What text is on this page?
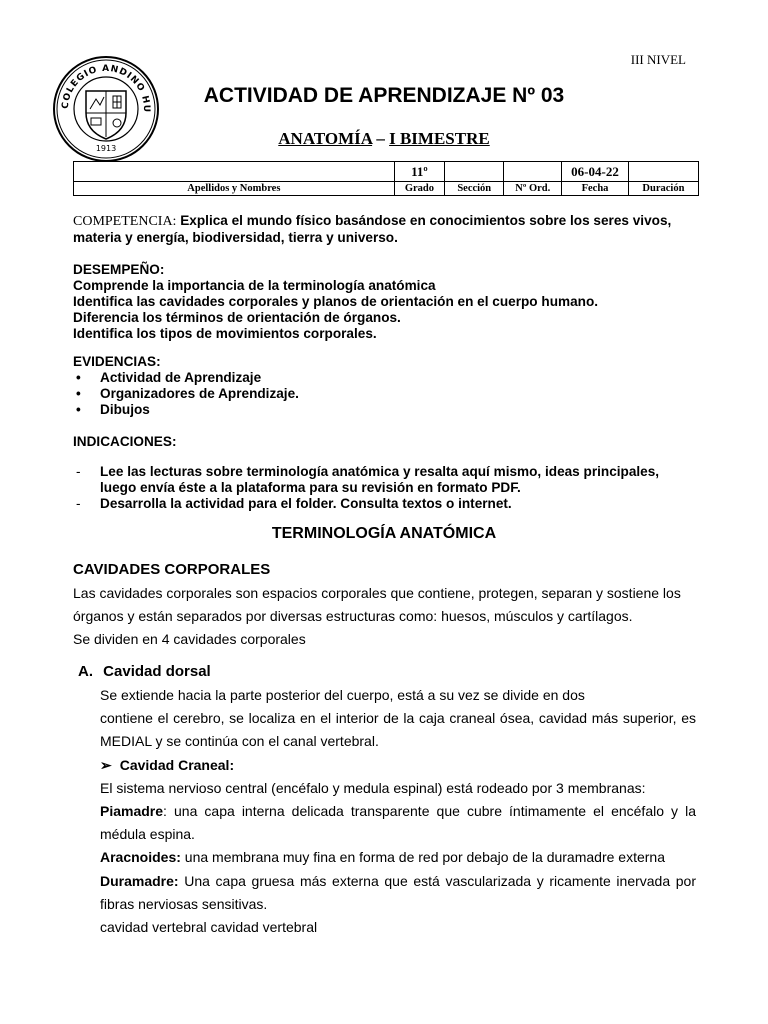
III NIVEL
COLEGIO ANDINO HU
1913
ACTIVIDAD DE APRENDIZAJE Nº 03
ANATOMÍA – I BIMESTRE
	11º			06-04-22	
Apellidos y Nombres	Grado	Sección	Nº Ord.	Fecha	Duración
COMPETENCIA: Explica el mundo físico basándose en conocimientos sobre los seres vivos, materia y energía, biodiversidad, tierra y universo.
DESEMPEÑO:
Comprende la importancia de la terminología anatómica
Identifica las cavidades corporales y planos de orientación en el cuerpo humano.
Diferencia los términos de orientación de órganos.
Identifica los tipos de movimientos corporales.
EVIDENCIAS:
• Actividad de Aprendizaje
• Organizadores de Aprendizaje.
• Dibujos
INDICACIONES:
- Lee las lecturas sobre terminología anatómica y resalta aquí mismo, ideas principales, luego envía éste a la plataforma para su revisión en formato PDF.
- Desarrolla la actividad para el folder. Consulta textos o internet.
TERMINOLOGÍA ANATÓMICA
CAVIDADES CORPORALES
Las cavidades corporales son espacios corporales que contiene, protegen, separan y sostiene los órganos y están separados por diversas estructuras como: huesos, músculos y cartílagos.
Se dividen en 4 cavidades corporales
A. Cavidad dorsal
Se extiende hacia la parte posterior del cuerpo, está a su vez se divide en dos
contiene el cerebro, se localiza en el interior de la caja craneal ósea, cavidad más superior, es MEDIAL y se continúa con el canal vertebral.
➢ Cavidad Craneal:
El sistema nervioso central (encéfalo y medula espinal) está rodeado por 3 membranas:
Piamadre: una capa interna delicada transparente que cubre íntimamente el encéfalo y la médula espina.
Aracnoides: una membrana muy fina en forma de red por debajo de la duramadre externa
Duramadre: Una capa gruesa más externa que está vascularizada y ricamente inervada por fibras nerviosas sensitivas.
cavidad vertebral cavidad vertebral
